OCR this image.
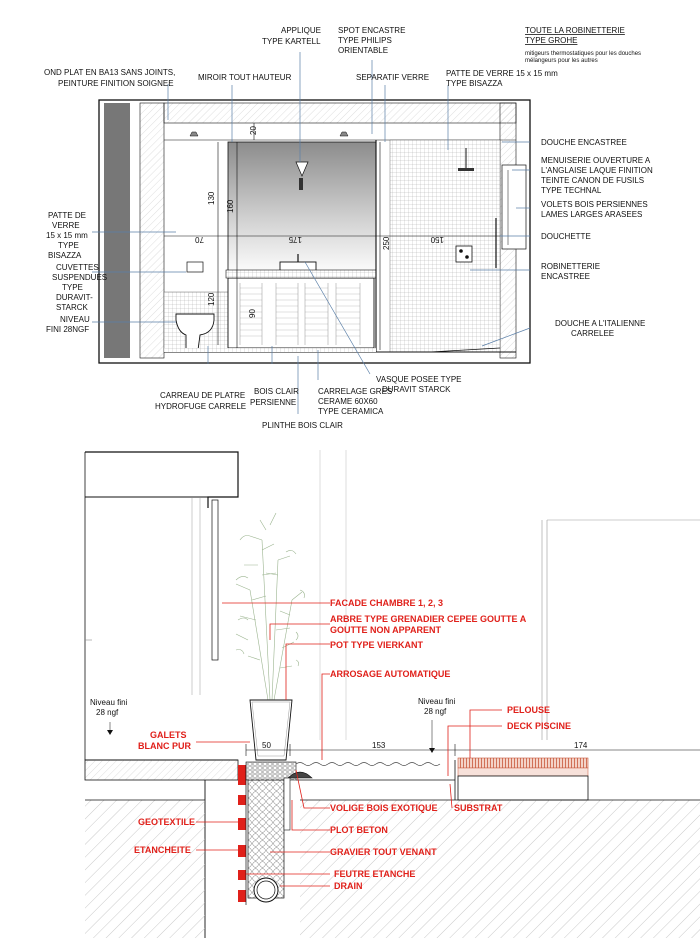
20
130
160
70	175	250	150
120
90
APPLIQUE TYPE KARTELL
SPOT ENCASTRE TYPE PHILIPS ORIENTABLE
TOUTE LA ROBINETTERIE TYPE GROHE
mitigeurs thermostatiques pour les douches mélangeurs pour les autres
OND PLAT EN BA13 SANS JOINTS, PEINTURE FINITION SOIGNEE
MIROIR TOUT HAUTEUR	SEPARATIF VERRE PATTE DE VERRE 15 x 15 mm TYPE BISAZZA
DOUCHE ENCASTREE
MENUISERIE OUVERTURE A L'ANGLAISE LAQUE FINITION TEINTE CANON DE FUSILS TYPE TECHNAL
VOLETS BOIS PERSIENNES LAMES LARGES ARASEES
DOUCHETTE
ROBINETTERIE ENCASTREE
DOUCHE A L'ITALIENNE CARRELEE
PATTE DE VERRE 15 x 15 mm TYPE BISAZZA
CUVETTES SUSPENDUES TYPE DURAVIT-STARCK
NIVEAU FINI 28NGF
CARREAU DE PLATRE HYDROFUGE CARRELE
BOIS CLAIR PERSIENNE
CARRELAGE GRES CERAME 60X60 TYPE CERAMICA
VASQUE POSEE TYPE DURAVIT STARCK
PLINTHE BOIS CLAIR
50	153	174
Niveau fini 28 ngf
Niveau fini 28 ngf
FACADE CHAMBRE 1, 2, 3
ARBRE TYPE GRENADIER CEPEE GOUTTE A GOUTTE NON APPARENT
POT TYPE VIERKANT
ARROSAGE AUTOMATIQUE
PELOUSE
DECK PISCINE
GALETS BLANC PUR
VOLIGE BOIS EXOTIQUE SUBSTRAT
PLOT BETON
GEOTEXTILE
GRAVIER TOUT VENANT
ETANCHEITE
FEUTRE ETANCHE
DRAIN
